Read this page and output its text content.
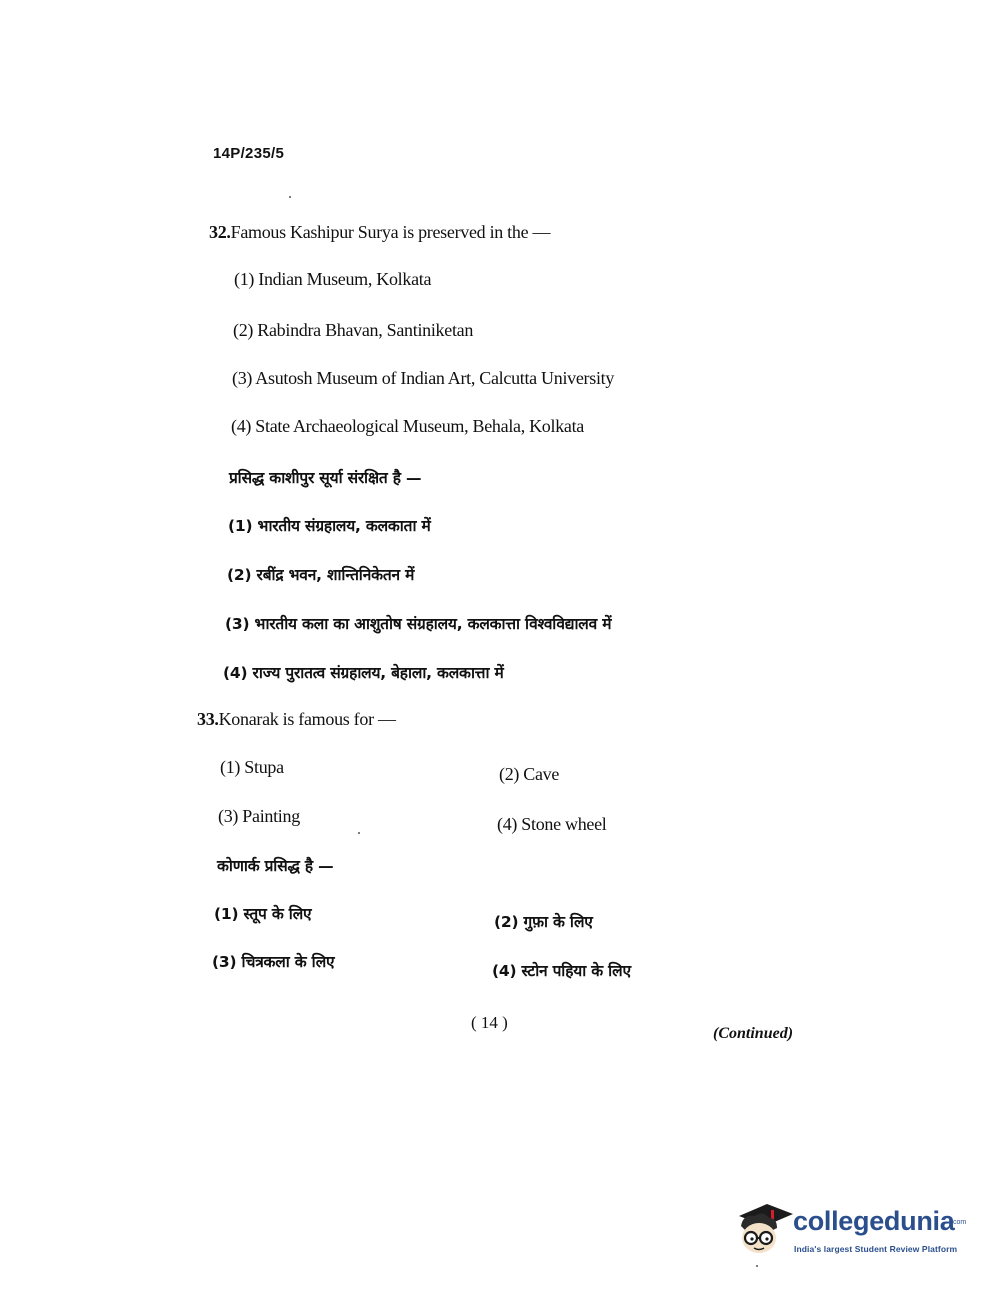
14P/235/5
32.Famous Kashipur Surya is preserved in the —
(1) Indian Museum, Kolkata
(2) Rabindra Bhavan, Santiniketan
(3) Asutosh Museum of Indian Art, Calcutta University
(4) State Archaeological Museum, Behala, Kolkata
प्रसिद्ध काशीपुर सूर्या संरक्षित है —
(1) भारतीय संग्रहालय, कलकाता में
(2) रबींद्र भवन, शान्तिनिकेतन में
(3) भारतीय कला का आशुतोष संग्रहालय, कलकात्ता विश्वविद्यालव में
(4) राज्य पुरातत्व संग्रहालय, बेहाला, कलकात्ता में
33.Konarak is famous for —
(1) Stupa	(2) Cave
(3) Painting	(4) Stone wheel
कोणार्क प्रसिद्ध है —
(1) स्तूप के लिए	(2) गुफ़ा के लिए
(3) चित्रकला के लिए	(4) स्टोन पहिया के लिए
( 14 )
(Continued)
collegedunia
.com
India's largest Student Review Platform
